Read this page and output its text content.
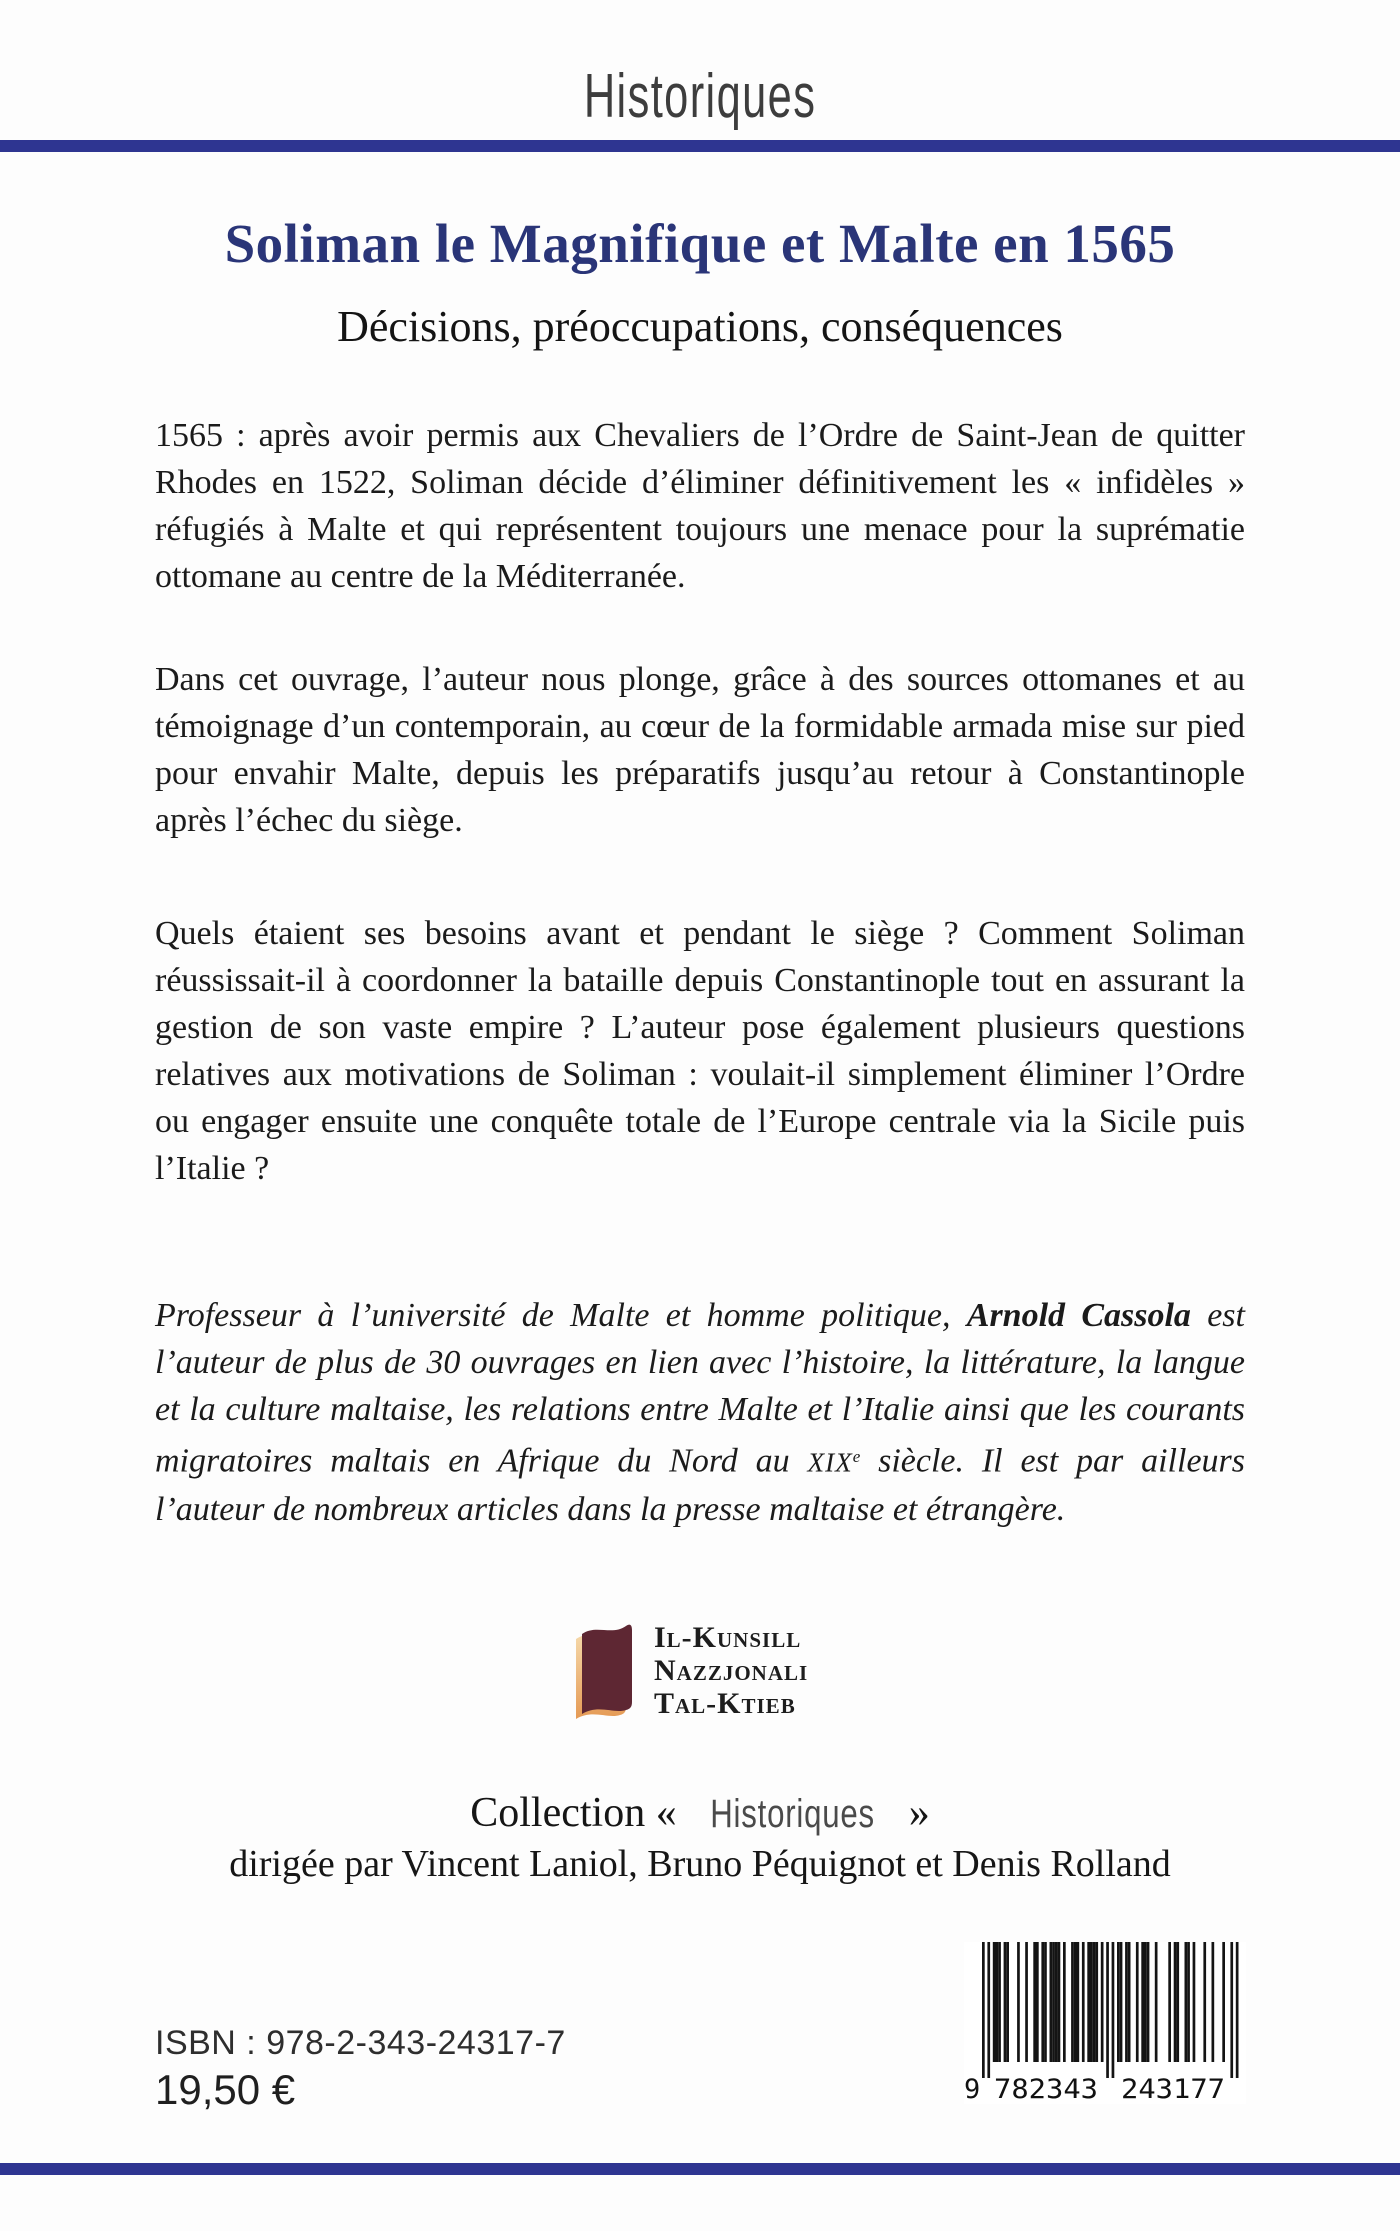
Historiques
Soliman le Magnifique et Malte en 1565
Décisions, préoccupations, conséquences

1565 : après avoir permis aux Chevaliers de l’Ordre de Saint-Jean de quitter Rhodes en 1522, Soliman décide d’éliminer définitivement les « infidèles » réfugiés à Malte et qui représentent toujours une menace pour la suprématie ottomane au centre de la Méditerranée.

Dans cet ouvrage, l’auteur nous plonge, grâce à des sources ottomanes et au témoignage d’un contemporain, au cœur de la formidable armada mise sur pied pour envahir Malte, depuis les préparatifs jusqu’au retour à Constantinople après l’échec du siège.

Quels étaient ses besoins avant et pendant le siège ? Comment Soliman réussissait-il à coordonner la bataille depuis Constantinople tout en assurant la gestion de son vaste empire ? L’auteur pose également plusieurs questions relatives aux motivations de Soliman : voulait-il simplement éliminer l’Ordre ou engager ensuite une conquête totale de l’Europe centrale via la Sicile puis l’Italie ?

Professeur à l’université de Malte et homme politique, Arnold Cassola est l’auteur de plus de 30 ouvrages en lien avec l’histoire, la littérature, la langue et la culture maltaise, les relations entre Malte et l’Italie ainsi que les courants migratoires maltais en Afrique du Nord au XIXe siècle. Il est par ailleurs l’auteur de nombreux articles dans la presse maltaise et étrangère.

Il-Kunsill
Nazzjonali
Tal-Ktieb
Collection « Historiques »
dirigée par Vincent Laniol, Bruno Péquignot et Denis Rolland
ISBN : 978-2-343-24317-7
19,50 €	9 782343 243177
